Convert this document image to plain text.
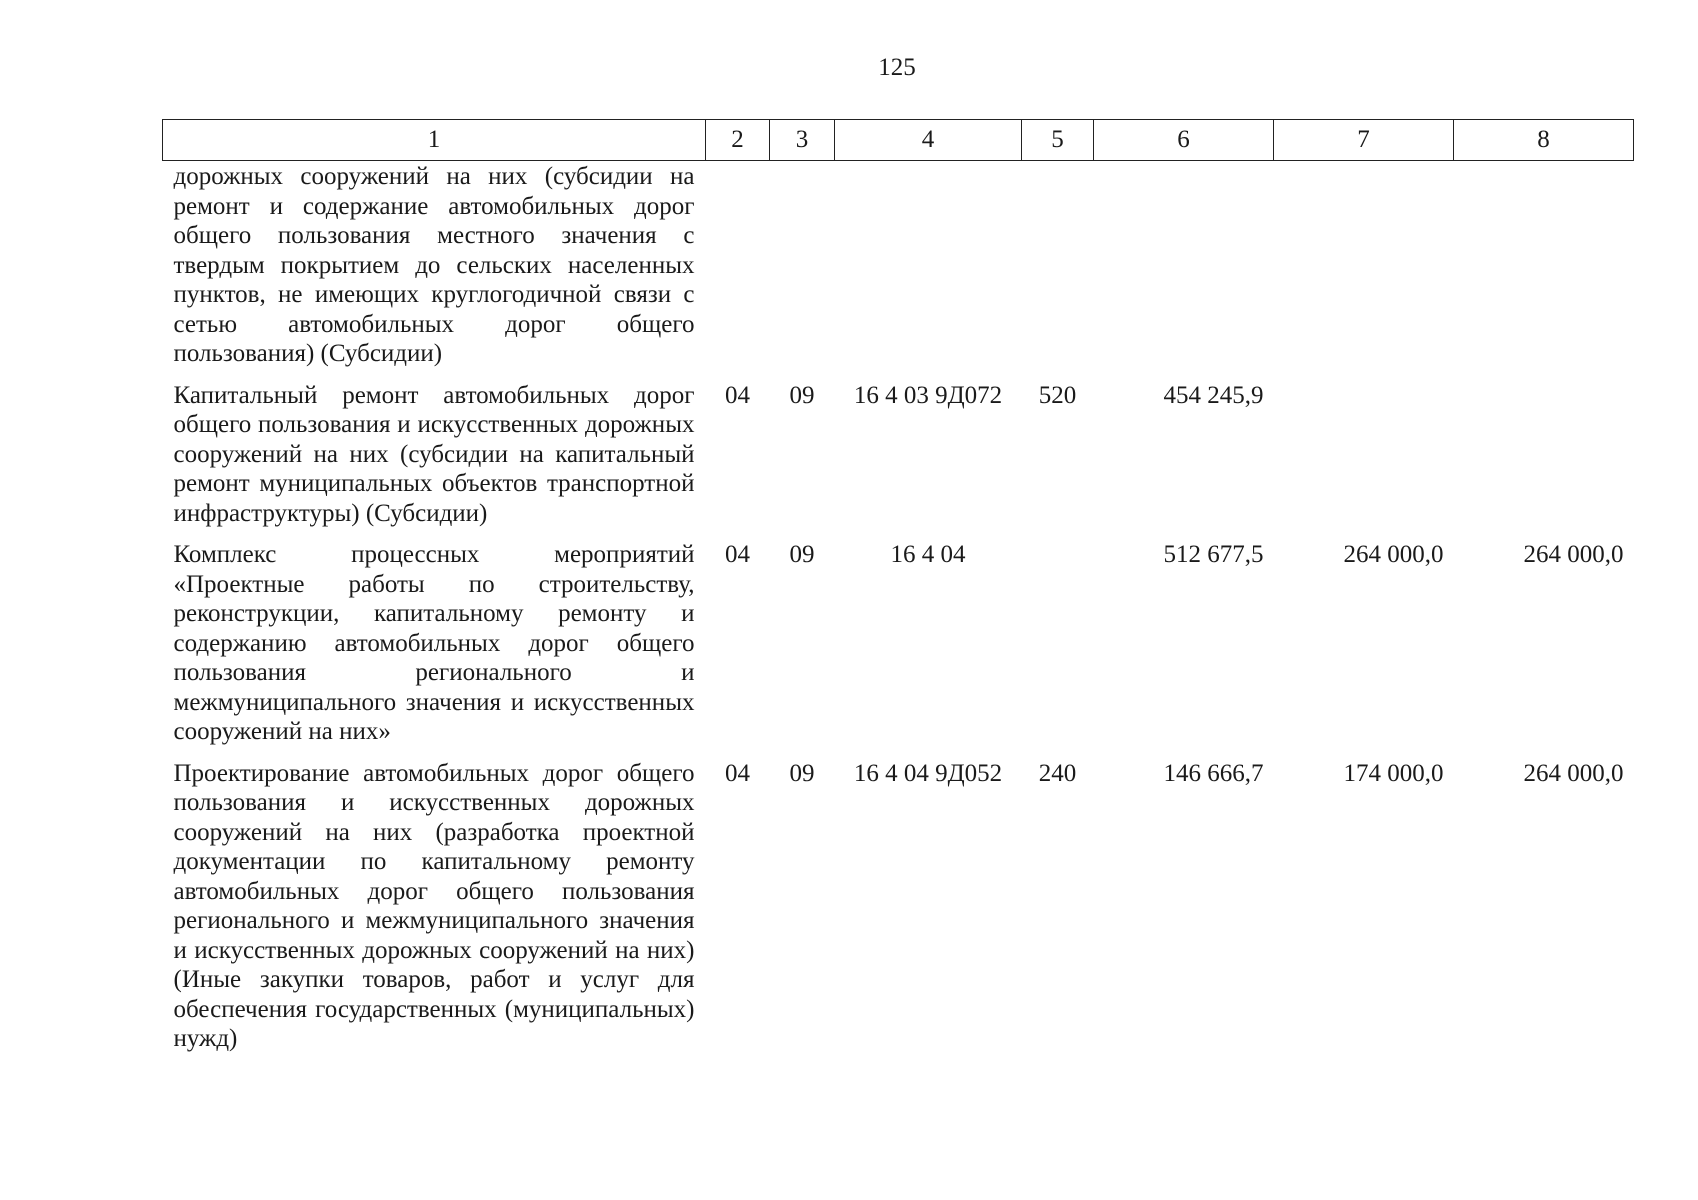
125
1	2	3	4	5	6	7	8
дорожных сооружений на них (субсидии на ремонт и содержание автомобильных дорог общего пользования местного значения с твердым покрытием до сельских населенных пунктов, не имеющих круглогодичной связи с сетью автомобильных дорог общего пользования) (Субсидии)							
Капитальный ремонт автомобильных дорог общего пользования и искусственных дорожных сооружений на них (субсидии на капитальный ремонт муниципальных объектов транспортной инфраструктуры) (Субсидии)	04	09	16 4 03 9Д072	520	454 245,9		
Комплекс процессных мероприятий «Проектные работы по строительству, реконструкции, капитальному ремонту и содержанию автомобильных дорог общего пользования регионального и межмуниципального значения и искусственных сооружений на них»	04	09	16 4 04		512 677,5	264 000,0	264 000,0
Проектирование автомобильных дорог общего пользования и искусственных дорожных сооружений на них (разработка проектной документации по капитальному ремонту автомобильных дорог общего пользования регионального и межмуниципального значения и искусственных дорожных сооружений на них) (Иные закупки товаров, работ и услуг для обеспечения государственных (муниципальных) нужд)	04	09	16 4 04 9Д052	240	146 666,7	174 000,0	264 000,0
